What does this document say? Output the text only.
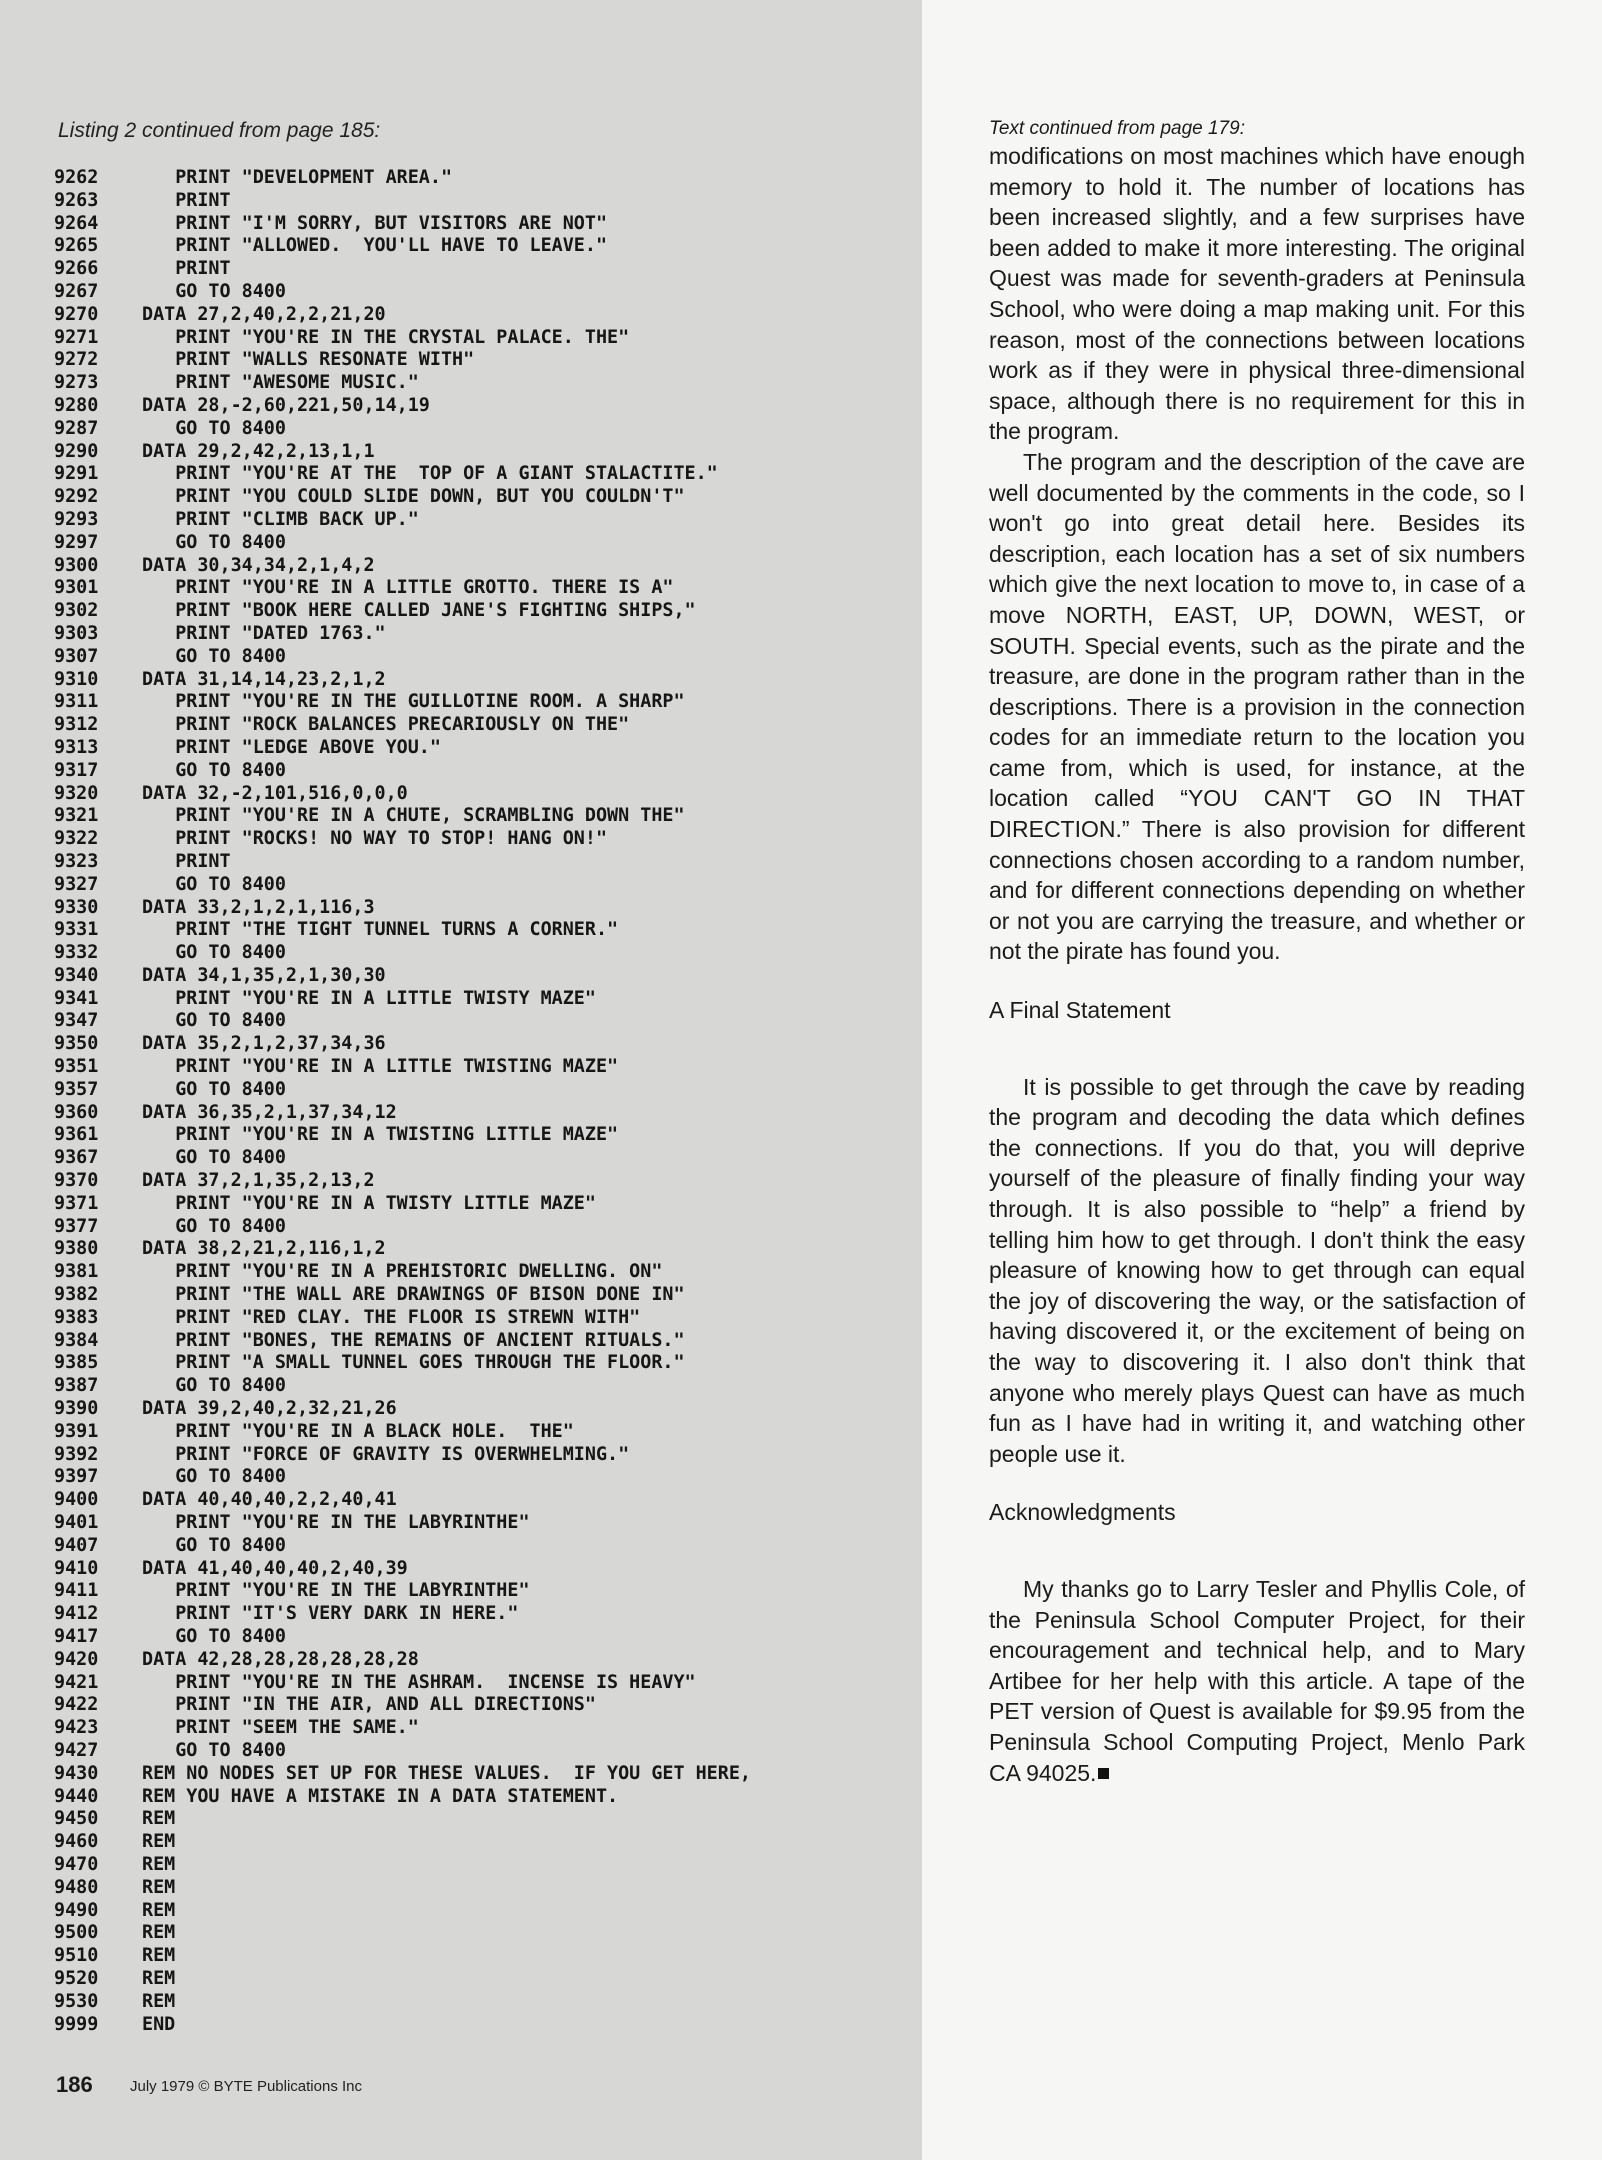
Listing 2 continued from page 185:
9262   PRINT "DEVELOPMENT AREA."
9263   PRINT
9264   PRINT "I'M SORRY, BUT VISITORS ARE NOT"
9265   PRINT "ALLOWED.  YOU'LL HAVE TO LEAVE."
9266   PRINT
9267   GO TO 8400
9270 DATA 27,2,40,2,2,21,20
9271   PRINT "YOU'RE IN THE CRYSTAL PALACE. THE"
9272   PRINT "WALLS RESONATE WITH"
9273   PRINT "AWESOME MUSIC."
9280 DATA 28,-2,60,221,50,14,19
9287   GO TO 8400
9290 DATA 29,2,42,2,13,1,1
9291   PRINT "YOU'RE AT THE  TOP OF A GIANT STALACTITE."
9292   PRINT "YOU COULD SLIDE DOWN, BUT YOU COULDN'T"
9293   PRINT "CLIMB BACK UP."
9297   GO TO 8400
9300 DATA 30,34,34,2,1,4,2
9301   PRINT "YOU'RE IN A LITTLE GROTTO. THERE IS A"
9302   PRINT "BOOK HERE CALLED JANE'S FIGHTING SHIPS,"
9303   PRINT "DATED 1763."
9307   GO TO 8400
9310 DATA 31,14,14,23,2,1,2
9311   PRINT "YOU'RE IN THE GUILLOTINE ROOM. A SHARP"
9312   PRINT "ROCK BALANCES PRECARIOUSLY ON THE"
9313   PRINT "LEDGE ABOVE YOU."
9317   GO TO 8400
9320 DATA 32,-2,101,516,0,0,0
9321   PRINT "YOU'RE IN A CHUTE, SCRAMBLING DOWN THE"
9322   PRINT "ROCKS! NO WAY TO STOP! HANG ON!"
9323   PRINT
9327   GO TO 8400
9330 DATA 33,2,1,2,1,116,3
9331   PRINT "THE TIGHT TUNNEL TURNS A CORNER."
9332   GO TO 8400
9340 DATA 34,1,35,2,1,30,30
9341   PRINT "YOU'RE IN A LITTLE TWISTY MAZE"
9347   GO TO 8400
9350 DATA 35,2,1,2,37,34,36
9351   PRINT "YOU'RE IN A LITTLE TWISTING MAZE"
9357   GO TO 8400
9360 DATA 36,35,2,1,37,34,12
9361   PRINT "YOU'RE IN A TWISTING LITTLE MAZE"
9367   GO TO 8400
9370 DATA 37,2,1,35,2,13,2
9371   PRINT "YOU'RE IN A TWISTY LITTLE MAZE"
9377   GO TO 8400
9380 DATA 38,2,21,2,116,1,2
9381   PRINT "YOU'RE IN A PREHISTORIC DWELLING. ON"
9382   PRINT "THE WALL ARE DRAWINGS OF BISON DONE IN"
9383   PRINT "RED CLAY. THE FLOOR IS STREWN WITH"
9384   PRINT "BONES, THE REMAINS OF ANCIENT RITUALS."
9385   PRINT "A SMALL TUNNEL GOES THROUGH THE FLOOR."
9387   GO TO 8400
9390 DATA 39,2,40,2,32,21,26
9391   PRINT "YOU'RE IN A BLACK HOLE.  THE"
9392   PRINT "FORCE OF GRAVITY IS OVERWHELMING."
9397   GO TO 8400
9400 DATA 40,40,40,2,2,40,41
9401   PRINT "YOU'RE IN THE LABYRINTHE"
9407   GO TO 8400
9410 DATA 41,40,40,40,2,40,39
9411   PRINT "YOU'RE IN THE LABYRINTHE"
9412   PRINT "IT'S VERY DARK IN HERE."
9417   GO TO 8400
9420 DATA 42,28,28,28,28,28,28
9421   PRINT "YOU'RE IN THE ASHRAM.  INCENSE IS HEAVY"
9422   PRINT "IN THE AIR, AND ALL DIRECTIONS"
9423   PRINT "SEEM THE SAME."
9427   GO TO 8400
9430 REM NO NODES SET UP FOR THESE VALUES.  IF YOU GET HERE,
9440 REM YOU HAVE A MISTAKE IN A DATA STATEMENT.
9450 REM
9460 REM
9470 REM
9480 REM
9490 REM
9500 REM
9510 REM
9520 REM
9530 REM
9999 END
186 July 1979 © BYTE Publications Inc
Text continued from page 179:

modifications on most machines which have enough memory to hold it. The number of locations has been increased slightly, and a few surprises have been added to make it more interesting. The original Quest was made for seventh-graders at Peninsula School, who were doing a map making unit. For this reason, most of the connections between locations work as if they were in physical three-dimensional space, although there is no requirement for this in the program.

The program and the description of the cave are well documented by the comments in the code, so I won't go into great detail here. Besides its description, each location has a set of six numbers which give the next location to move to, in case of a move NORTH, EAST, UP, DOWN, WEST, or SOUTH. Special events, such as the pirate and the treasure, are done in the program rather than in the descriptions. There is a provision in the connection codes for an immediate return to the location you came from, which is used, for instance, at the location called “YOU CAN'T GO IN THAT DIRECTION.” There is also provision for different connections chosen according to a random number, and for different connections depending on whether or not you are carrying the treasure, and whether or not the pirate has found you.

A Final Statement

It is possible to get through the cave by reading the program and decoding the data which defines the connections. If you do that, you will deprive yourself of the pleasure of finally finding your way through. It is also possible to “help” a friend by telling him how to get through. I don't think the easy pleasure of knowing how to get through can equal the joy of discovering the way, or the satisfaction of having discovered it, or the excitement of being on the way to discovering it. I also don't think that anyone who merely plays Quest can have as much fun as I have had in writing it, and watching other people use it.

Acknowledgments

My thanks go to Larry Tesler and Phyllis Cole, of the Peninsula School Computer Project, for their encouragement and technical help, and to Mary Artibee for her help with this article. A tape of the PET version of Quest is available for $9.95 from the Peninsula School Computing Project, Menlo Park CA 94025.
